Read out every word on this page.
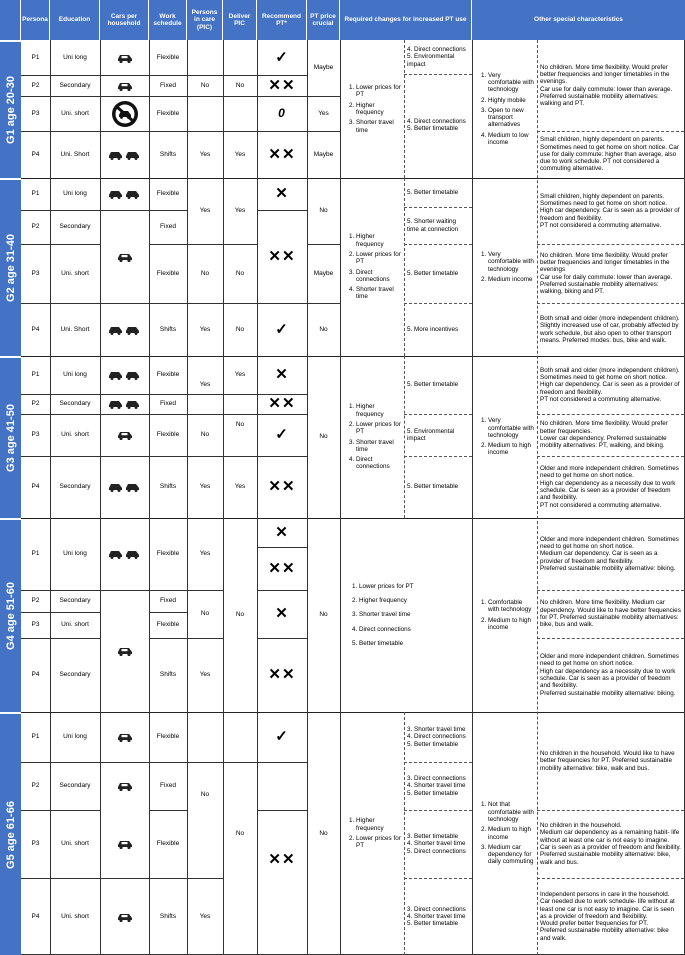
Persona	Education
Cars per household
Work schedule
Persons in care (PIC)
Deliver PIC
Recommend PT*
PT price crucial
Required changes for increased PT use	Other special characteristics
G1 age 20-30
G2 age 31-40
G3 age 41-50
G4 age 51-60
G5 age 61-66
P1
P2
P3
P4
Uni long
Secondary
Uni. short
Uni. Short
Flexible
Fixed
Flexible
Shifts
No
Yes
No
Yes
✓
✕✕
0
✕✕
Maybe
Yes
Maybe
1. Lower prices for PT
2. Higher frequency
3. Shorter travel time
4. Direct connections
5. Environmental impact
4. Direct connections
5. Better timetable
1. Very comfortable with technology
2. Highly mobile
3. Open to new transport alternatives
4. Medium to low income
No children. More time flexibility. Would prefer better frequencies and longer timetables in the evenings.
Car use for daily commute: lower than average. Preferred sustainable mobility alternatives: walking and PT.
Small children, highly dependent on parents. Sometimes need to get home on short notice. Car use for daily commute: higher than average, also due to work schedule. PT not considered a commuting alternative.
P1
P2
P3
P4
Uni long
Secondary
Uni. short
Uni. Short
Flexible
Fixed
Flexible
Shifts
Yes
No
Yes
Yes
No
No
✕
✕✕
✓
No
Maybe
No
1. Higher frequency
2. Lower prices for PT
3. Direct connections
4. Shorter travel time
5. Better timetable
5. Shorter waiting time at connection
5. Better timetable
5. More incentives
1. Very comfortable with technology
2. Medium income
Small children, highly dependent on parents. Sometimes need to get home on short notice.
High car dependency. Car is seen as a provider of freedom and flexibility.
PT not considered a commuting alternative.
No children. More time flexibility. Would prefer better frequencies and longer timetables in the evenings
Car use for daily commute: lower than average. Preferred sustainable mobility alternatives: walking, biking and PT.
Both small and older (more independent children). Slightly increased use of car, probably affected by work schedule, but also open to other transport means. Preferred modes: bus, bike and walk.
P1
P2
P3
P4
Uni long
Secondary
Uni. short
Secondary
Flexible
Fixed
Flexible
Shifts
Yes
No
Yes
Yes
No
Yes
✕
✕✕
✓
✕✕
No
1. Higher frequency
2. Lower prices for PT
3. Shorter travel time
4. Direct connections
5. Better timetable
5. Environmental impact
5. Better timetable
1. Very comfortable with technology
2. Medium to high income
Both small and older (more independent children). Sometimes need to get home on short notice.
High car dependency. Car is seen as a provider of freedom and flexibility.
PT not considered a commuting alternative.
No children. More time flexibility. Would prefer better frequencies.
Lower car dependency. Preferred sustainable mobility alternatives: PT, walking, and biking.
Older and more independent children. Sometimes need to get home on short notice.
High car dependency as a necessity due to work schedule. Car is seen as a provider of freedom and flexibility.
PT not considered a commuting alternative.
P1
P2
P3
P4
Uni long
Secondary
Uni. short
Secondary
Flexible
Fixed
Flexible
Shifts
Yes
No
Yes
No
✕
✕✕
✕
✕✕
No
1. Lower prices for PT
2. Higher frequency
3. Shorter travel time
4. Direct connections
5. Better timetable
1. Comfortable with technology
2. Medium to high income
Older and more independent children. Sometimes need to get home on short notice.
Medium car dependency. Car is seen as a provider of freedom and flexibility.
Preferred sustainable mobility alternative: biking.
No children. More time flexibility. Medium car dependency. Would like to have better frequencies for PT. Preferred sustainable mobility alternatives: bike, bus and walk.
Older and more independent children. Sometimes need to get home on short notice.
High car dependency as a necessity due to work schedule. Car is seen as a provider of freedom and flexibility.
Preferred sustainable mobility alternative: biking.
P1
P2
P3
P4
Uni long
Secondary
Uni. short
Uni. short
Flexible
Fixed
Flexible
Shifts
No
Yes
No
✓
✕✕
No
1. Higher frequency
2. Lower prices for PT
3. Shorter travel time
4. Direct connections
5. Better timetable
3. Direct connections
4. Shorter travel time
5. Better timetable
3. Better timetable
4. Shorter travel time
5. Direct connections
3. Direct connections
4. Shorter travel time
5. Better timetable
1. Not that comfortable with technology
2. Medium to high income
3. Medium car dependency for daily commuting
No children in the household. Would like to have better frequencies for PT. Preferred sustainable mobility alternative: bike, walk and bus.
No children in the household.
Medium car dependency as a remaining habit- life without at least one car is not easy to imagine. Car is seen as a provider of freedom and flexibility.
Preferred sustainable mobility alternative: bike, walk and bus.
Independent persons in care in the household. Car needed due to work schedule- life without at least one car is not easy to imagine. Car is seen as a provider of freedom and flexibility.
Would prefer better frequencies for PT.
Preferred sustainable mobility alternative: bike and walk.
